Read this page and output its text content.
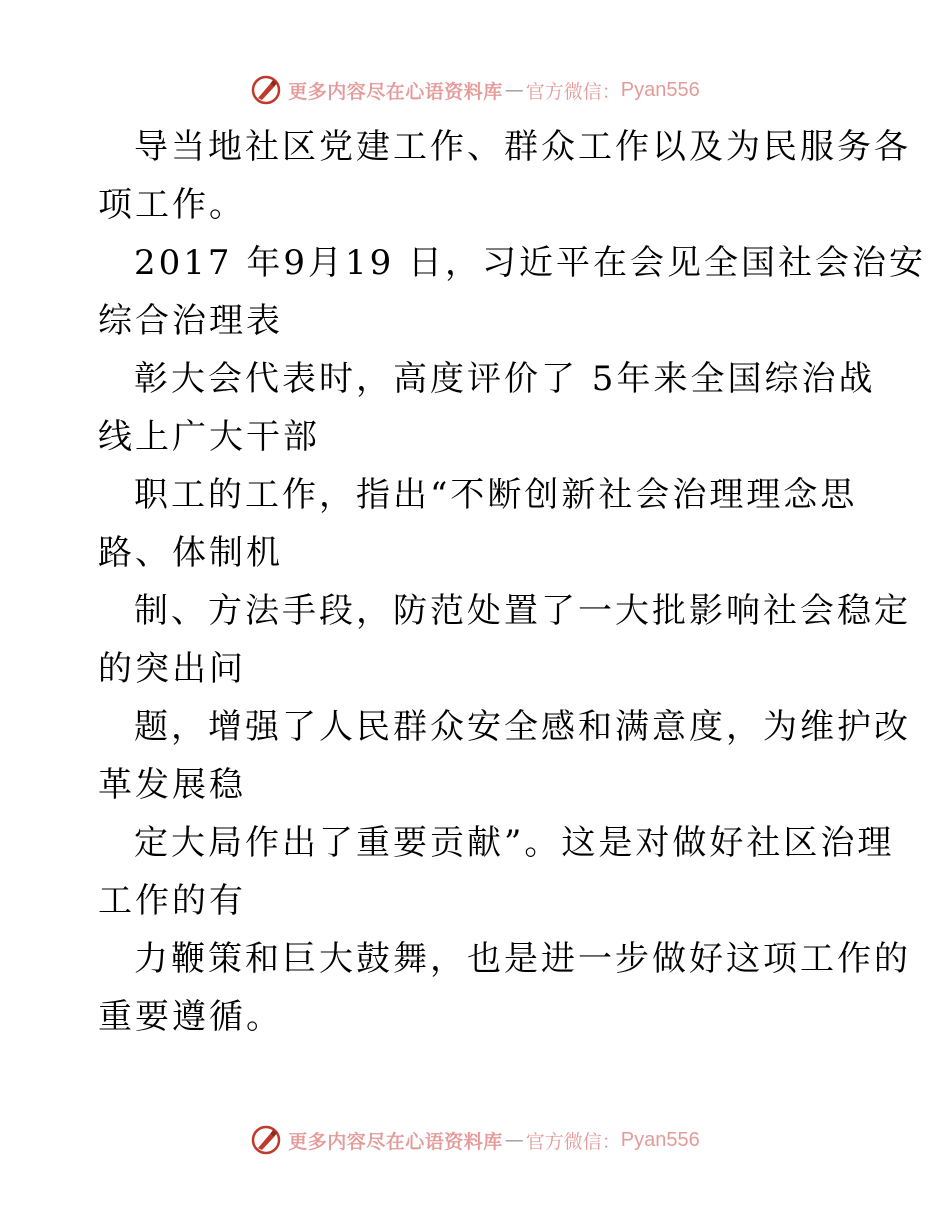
更多内容尽在心语资料库 — 官方微信： Pyan556

导当地社区党建工作、群众工作以及为民服务各

项工作。

2017 年9月19 日，习近平在会见全国社会治安

综合治理表

彰大会代表时，高度评价了 5年来全国综治战

线上广大干部

职工的工作，指出“不断创新社会治理理念思

路、体制机

制、方法手段，防范处置了一大批影响社会稳定

的突出问

题，增强了人民群众安全感和满意度，为维护改

革发展稳

定大局作出了重要贡献”。这是对做好社区治理

工作的有

力鞭策和巨大鼓舞，也是进一步做好这项工作的

重要遵循。

更多内容尽在心语资料库 — 官方微信： Pyan556
